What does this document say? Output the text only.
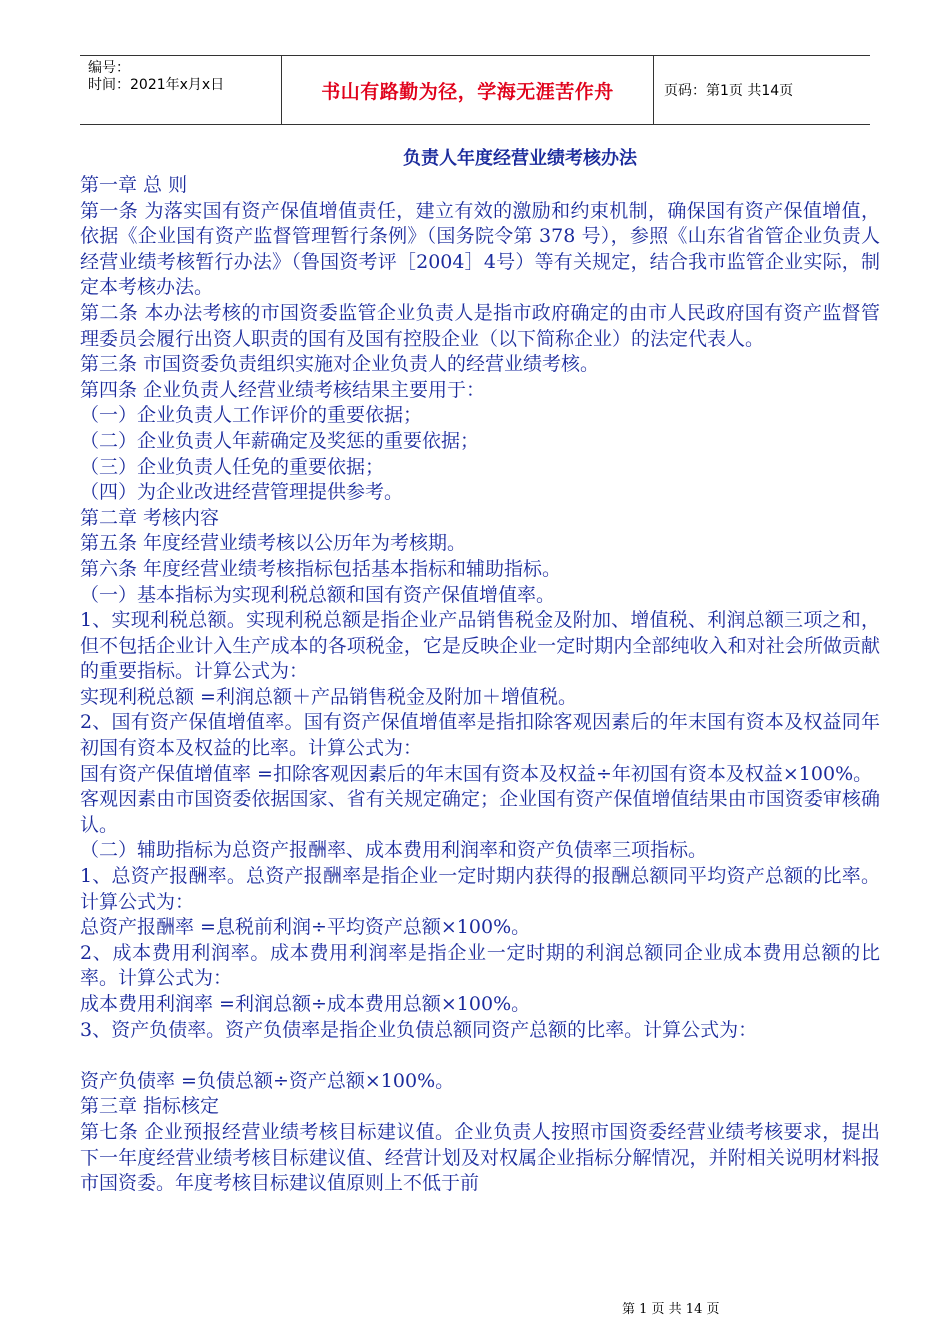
编号：
时间：2021年x月x日	书山有路勤为径，学海无涯苦作舟	页码：第1页 共14页
负责人年度经营业绩考核办法

第一章 总 则

第一条 为落实国有资产保值增值责任，建立有效的激励和约束机制，确保国有资产保值增值，依据《企业国有资产监督管理暂行条例》（国务院令第 378 号），参照《山东省省管企业负责人经营业绩考核暂行办法》（鲁国资考评［2004］4号）等有关规定，结合我市监管企业实际，制定本考核办法。

第二条 本办法考核的市国资委监管企业负责人是指市政府确定的由市人民政府国有资产监督管理委员会履行出资人职责的国有及国有控股企业（以下简称企业）的法定代表人。

第三条 市国资委负责组织实施对企业负责人的经营业绩考核。

第四条 企业负责人经营业绩考核结果主要用于：

（一）企业负责人工作评价的重要依据；

（二）企业负责人年薪确定及奖惩的重要依据；

（三）企业负责人任免的重要依据；

（四）为企业改进经营管理提供参考。

第二章 考核内容

第五条 年度经营业绩考核以公历年为考核期。

第六条 年度经营业绩考核指标包括基本指标和辅助指标。

（一）基本指标为实现利税总额和国有资产保值增值率。

1、实现利税总额。实现利税总额是指企业产品销售税金及附加、增值税、利润总额三项之和， 但不包括企业计入生产成本的各项税金，它是反映企业一定时期内全部纯收入和对社会所做贡献的重要指标。计算公式为：

实现利税总额 =利润总额＋产品销售税金及附加＋增值税。

2、国有资产保值增值率。国有资产保值增值率是指扣除客观因素后的年末国有资本及权益同年初国有资本及权益的比率。计算公式为：

国有资产保值增值率 =扣除客观因素后的年末国有资本及权益÷年初国有资本及权益×100%。

客观因素由市国资委依据国家、省有关规定确定；企业国有资产保值增值结果由市国资委审核确认。

（二）辅助指标为总资产报酬率、成本费用利润率和资产负债率三项指标。

1、总资产报酬率。总资产报酬率是指企业一定时期内获得的报酬总额同平均资产总额的比率。计算公式为：

总资产报酬率 =息税前利润÷平均资产总额×100%。

2、成本费用利润率。成本费用利润率是指企业一定时期的利润总额同企业成本费用总额的比率。计算公式为：

成本费用利润率 =利润总额÷成本费用总额×100%。

3、资产负债率。资产负债率是指企业负债总额同资产总额的比率。计算公式为：

资产负债率 =负债总额÷资产总额×100%。

第三章 指标核定

第七条 企业预报经营业绩考核目标建议值。企业负责人按照市国资委经营业绩考核要求，提出下一年度经营业绩考核目标建议值、经营计划及对权属企业指标分解情况，并附相关说明材料报市国资委。年度考核目标建议值原则上不低于前

第 1 页 共 14 页
